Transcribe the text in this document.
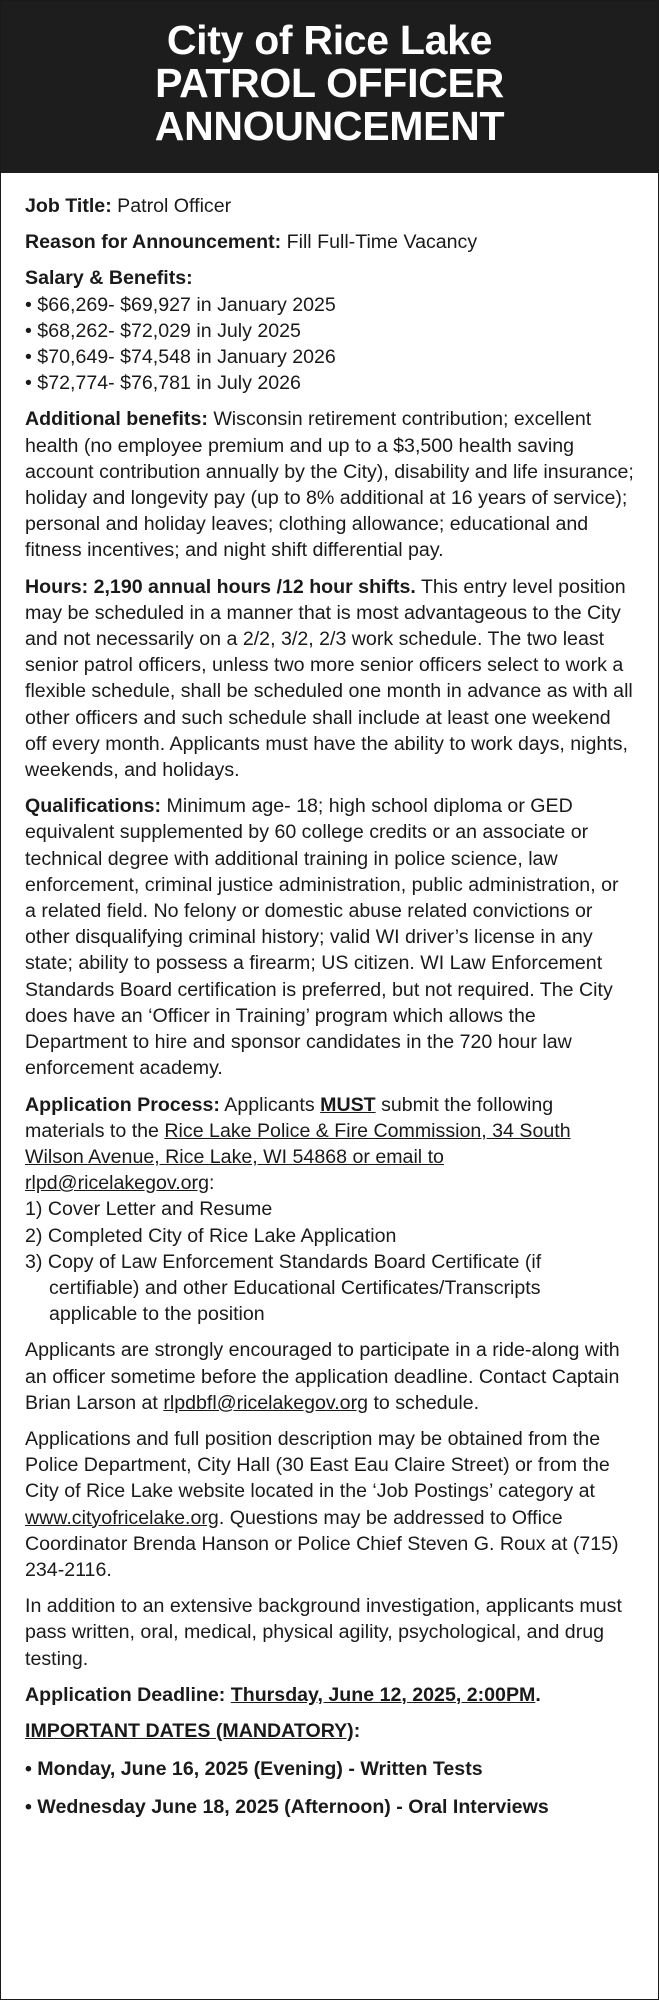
City of Rice Lake
PATROL OFFICER
ANNOUNCEMENT

Job Title: Patrol Officer

Reason for Announcement: Fill Full-Time Vacancy

Salary & Benefits:
• $66,269- $69,927 in January 2025
• $68,262- $72,029 in July 2025
• $70,649- $74,548 in January 2026
• $72,774- $76,781 in July 2026

Additional benefits: Wisconsin retirement contribution; excellent health (no employee premium and up to a $3,500 health saving account contribution annually by the City), disability and life insurance; holiday and longevity pay (up to 8% additional at 16 years of service); personal and holiday leaves; clothing allowance; educational and fitness incentives; and night shift differential pay.

Hours: 2,190 annual hours /12 hour shifts. This entry level position may be scheduled in a manner that is most advantageous to the City and not necessarily on a 2/2, 3/2, 2/3 work schedule. The two least senior patrol officers, unless two more senior officers select to work a flexible schedule, shall be scheduled one month in advance as with all other officers and such schedule shall include at least one weekend off every month. Applicants must have the ability to work days, nights, weekends, and holidays.

Qualifications: Minimum age- 18; high school diploma or GED equivalent supplemented by 60 college credits or an associate or technical degree with additional training in police science, law enforcement, criminal justice administration, public administration, or a related field. No felony or domestic abuse related convictions or other disqualifying criminal history; valid WI driver’s license in any state; ability to possess a firearm; US citizen. WI Law Enforcement Standards Board certification is preferred, but not required. The City does have an ‘Officer in Training’ program which allows the Department to hire and sponsor candidates in the 720 hour law enforcement academy.

Application Process: Applicants MUST submit the following materials to the Rice Lake Police & Fire Commission, 34 South Wilson Avenue, Rice Lake, WI 54868 or email to rlpd@ricelakegov.org:
1) Cover Letter and Resume
2) Completed City of Rice Lake Application
3) Copy of Law Enforcement Standards Board Certificate (if certifiable) and other Educational Certificates/Transcripts applicable to the position

Applicants are strongly encouraged to participate in a ride-along with an officer sometime before the application deadline. Contact Captain Brian Larson at rlpdbfl@ricelakegov.org to schedule.

Applications and full position description may be obtained from the Police Department, City Hall (30 East Eau Claire Street) or from the City of Rice Lake website located in the ‘Job Postings’ category at www.cityofricelake.org. Questions may be addressed to Office Coordinator Brenda Hanson or Police Chief Steven G. Roux at (715) 234-2116.

In addition to an extensive background investigation, applicants must pass written, oral, medical, physical agility, psychological, and drug testing.

Application Deadline: Thursday, June 12, 2025, 2:00PM.

IMPORTANT DATES (MANDATORY):

• Monday, June 16, 2025 (Evening) - Written Tests
• Wednesday June 18, 2025 (Afternoon) - Oral Interviews
